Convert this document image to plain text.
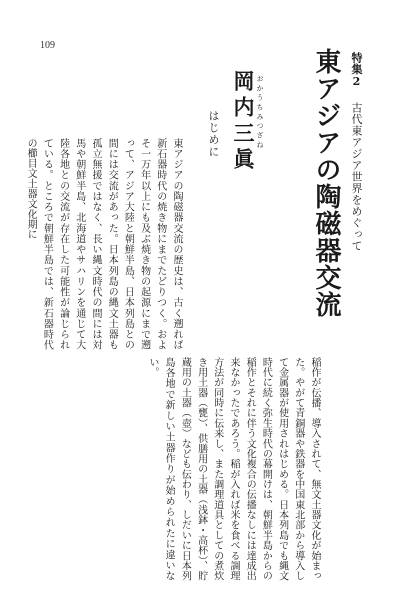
109
特集2 古代東アジア世界をめぐって
東アジアの陶磁器交流
おかうちみつざね
岡内三眞
はじめに

東アジアの陶磁器交流の歴史は、古く遡れば新石器時代の焼き物にまでたどりつく。およそ一万年以上にも及ぶ焼き物の起源にまで遡って、アジア大陸と朝鮮半島、日本列島との間には交流があった。日本列島の縄文土器も孤立無援ではなく、長い縄文時代の間には対馬や朝鮮半島、北海道やサハリンを通じて大陸各地との交流が存在した可能性が論じられている。ところで朝鮮半島では、新石器時代の櫛目文土器文化期に

稲作が伝播、導入されて、無文土器文化が始まった。やがて青銅器や鉄器を中国東北部から導入して金属器が使用されはじめる。日本列島でも縄文時代に続く弥生時代の幕開けは、朝鮮半島からの稲作とそれに伴う文化複合の伝播なしには達成出来なかったであろう。稲が入れば米を食べる調理方法が同時に伝来し、また調理道具としての煮炊き用土器（甕）、供膳用の土器（浅鉢・高杯）、貯蔵用の土器（壺）なども伝わり、しだいに日本列島各地で新しい土器作りが始められたに違いない。
